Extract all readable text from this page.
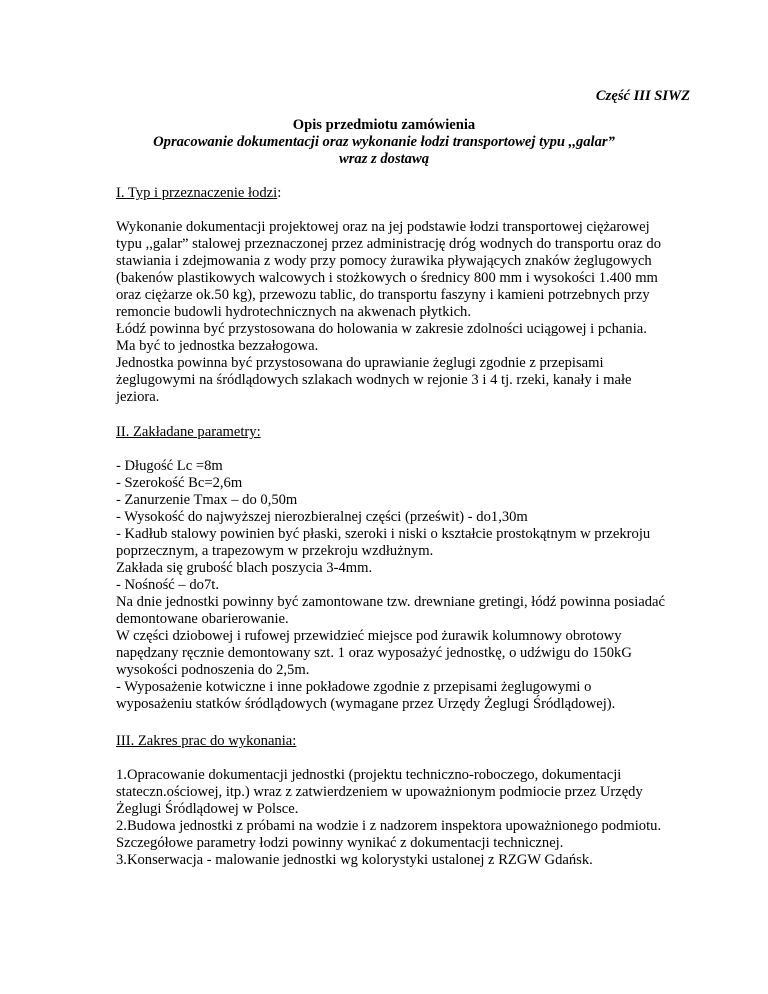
Część III SIWZ
Opis przedmiotu zamówienia
Opracowanie dokumentacji oraz wykonanie łodzi transportowej typu ,,galar”
wraz z dostawą
I. Typ i przeznaczenie łodzi:
Wykonanie dokumentacji projektowej oraz na jej podstawie łodzi transportowej ciężarowej
typu ,,galar” stalowej przeznaczonej przez administrację dróg wodnych do transportu oraz do
stawiania i zdejmowania z wody przy pomocy żurawika pływających znaków żeglugowych
(bakenów plastikowych walcowych i stożkowych o średnicy 800 mm i wysokości 1.400 mm
oraz ciężarze ok.50 kg), przewozu tablic, do transportu faszyny i kamieni potrzebnych przy
remoncie budowli hydrotechnicznych na akwenach płytkich.
Łódź powinna być przystosowana do holowania w zakresie zdolności uciągowej i pchania.
Ma być to jednostka bezzałogowa.
Jednostka powinna być przystosowana do uprawianie żeglugi zgodnie z przepisami
żeglugowymi na śródlądowych szlakach wodnych w rejonie 3 i 4 tj. rzeki, kanały i małe
jeziora.
II. Zakładane parametry:
- Długość Lc =8m
- Szerokość Bc=2,6m
- Zanurzenie Tmax – do 0,50m
- Wysokość do najwyższej nierozbieralnej części (prześwit) - do1,30m
- Kadłub stalowy powinien być płaski, szeroki i niski o kształcie prostokątnym w przekroju
poprzecznym, a trapezowym w przekroju wzdłużnym.
Zakłada się grubość blach poszycia 3-4mm.
- Nośność – do7t.
Na dnie jednostki powinny być zamontowane tzw. drewniane gretingi, łódź powinna posiadać
demontowane obarierowanie.
W części dziobowej i rufowej przewidzieć miejsce pod żurawik kolumnowy obrotowy
napędzany ręcznie demontowany szt. 1 oraz wyposażyć jednostkę, o udźwigu do 150kG
wysokości podnoszenia do 2,5m.
- Wyposażenie kotwiczne i inne pokładowe zgodnie z przepisami żeglugowymi o
wyposażeniu statków śródlądowych (wymagane przez Urzędy Żeglugi Śródlądowej).
III. Zakres prac do wykonania:
1.Opracowanie dokumentacji jednostki (projektu techniczno-roboczego, dokumentacji
stateczn.ościowej, itp.) wraz z zatwierdzeniem w upoważnionym podmiocie przez Urzędy
Żeglugi Śródlądowej w Polsce.
2.Budowa jednostki z próbami na wodzie i z nadzorem inspektora upoważnionego podmiotu.
Szczegółowe parametry łodzi powinny wynikać z dokumentacji technicznej.
3.Konserwacja - malowanie jednostki wg kolorystyki ustalonej z RZGW Gdańsk.
